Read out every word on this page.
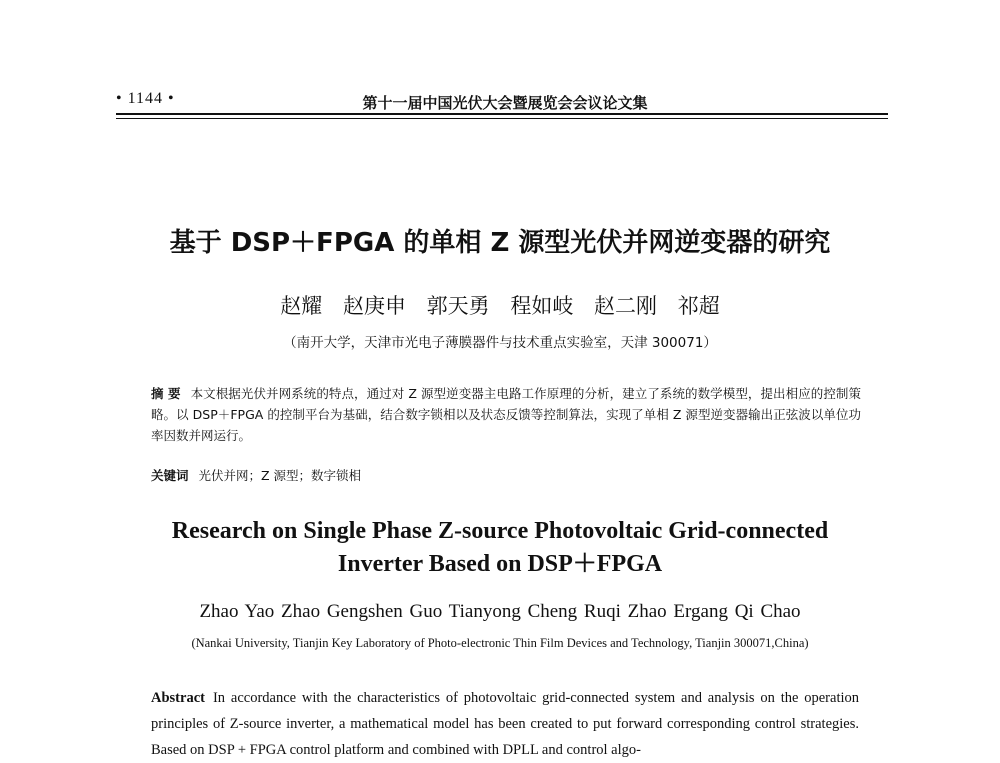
• 1144 •	第十一届中国光伏大会暨展览会会议论文集
基于 DSP＋FPGA 的单相 Z 源型光伏并网逆变器的研究
赵耀 赵庚申 郭天勇 程如岐 赵二刚 祁超
（南开大学，天津市光电子薄膜器件与技术重点实验室，天津 300071）
摘 要 本文根据光伏并网系统的特点，通过对 Z 源型逆变器主电路工作原理的分析，建立了系统的数学模型，提出相应的控制策略。以 DSP＋FPGA 的控制平台为基础，结合数字锁相以及状态反馈等控制算法，实现了单相 Z 源型逆变器输出正弦波以单位功率因数并网运行。
关键词 光伏并网；Z 源型；数字锁相
Research on Single Phase Z-source Photovoltaic Grid-connected
Inverter Based on DSP＋FPGA
Zhao Yao Zhao Gengshen Guo Tianyong Cheng Ruqi Zhao Ergang Qi Chao
(Nankai University, Tianjin Key Laboratory of Photo-electronic Thin Film Devices and Technology, Tianjin 300071,China)
Abstract In accordance with the characteristics of photovoltaic grid-connected system and analysis on the operation principles of Z-source inverter, a mathematical model has been created to put forward corresponding control strategies. Based on DSP + FPGA control platform and combined with DPLL and control algo-
